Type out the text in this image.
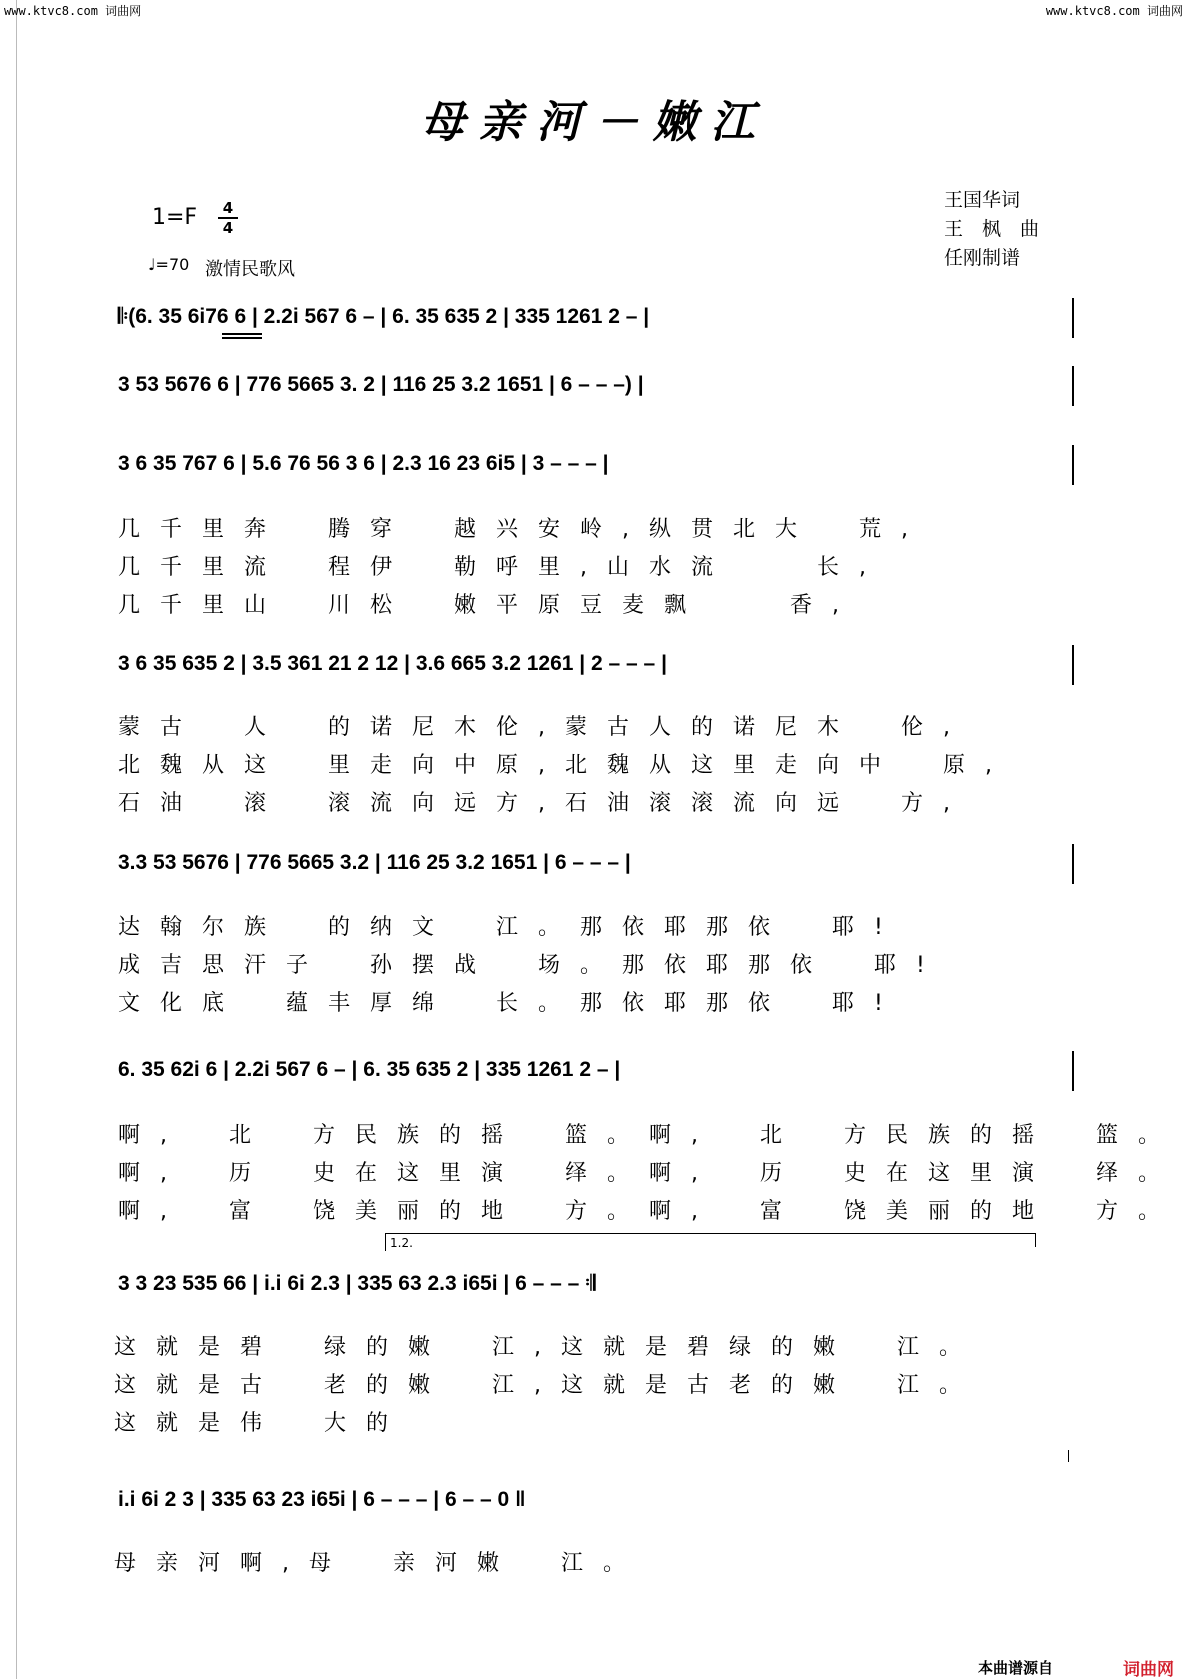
www.ktvc8.com 词曲网	www.ktvc8.com 词曲网
母亲河－嫩江
王国华词
王　枫　曲
任刚制谱
1=F	4
4
♩=70 激情民歌风
𝄆(6. 35 6i76 6 | 2.2i 567 6 – | 6. 35 635 2 | 335 1261 2 – |
3 53 5676 6 | 776 5665 3. 2 | 116 25 3.2 1651 | 6 – – –) |
3 6 35 767 6 | 5.6 76 56 3 6 | 2.3 16 23 6i5 | 3 – – – |
几千里奔　腾穿　越兴安岭,纵贯北大　荒,
几千里流　程伊　勒呼里,山水流　　长,
几千里山　川松　嫩平原豆麦飘　　香,
3 6 35 635 2 | 3.5 361 21 2 12 | 3.6 665 3.2 1261 | 2 – – – |
蒙古　人　的诺尼木伦,蒙古人的诺尼木　伦,
北魏从这　里走向中原,北魏从这里走向中　原,
石油　滚　滚流向远方,石油滚滚流向远　方,
3.3 53 5676 | 776 5665 3.2 | 116 25 3.2 1651 | 6 – – – |
达翰尔族　的纳文　江。那依耶那依　耶!
成吉思汗子　孙摆战　场。那依耶那依　耶!
文化底　蕴丰厚绵　长。那依耶那依　耶!
6. 35 62i 6 | 2.2i 567 6 – | 6. 35 635 2 | 335 1261 2 – |
啊,　北　方民族的摇　篮。啊,　北　方民族的摇　篮。
啊,　历　史在这里演　绎。啊,　历　史在这里演　绎。
啊,　富　饶美丽的地　方。啊,　富　饶美丽的地　方。
1.2.
3 3 23 535 66 | i.i 6i 2.3 | 335 63 2.3 i65i | 6 – – – 𝄇
这就是碧　绿的嫩　江,这就是碧绿的嫩　江。
这就是古　老的嫩　江,这就是古老的嫩　江。
这就是伟　大的
i.i 6i 2 3 | 335 63 23 i65i | 6 – – – | 6 – – 0 ‖
母亲河啊,母　亲河嫩　江。
本曲谱源自	词曲网
